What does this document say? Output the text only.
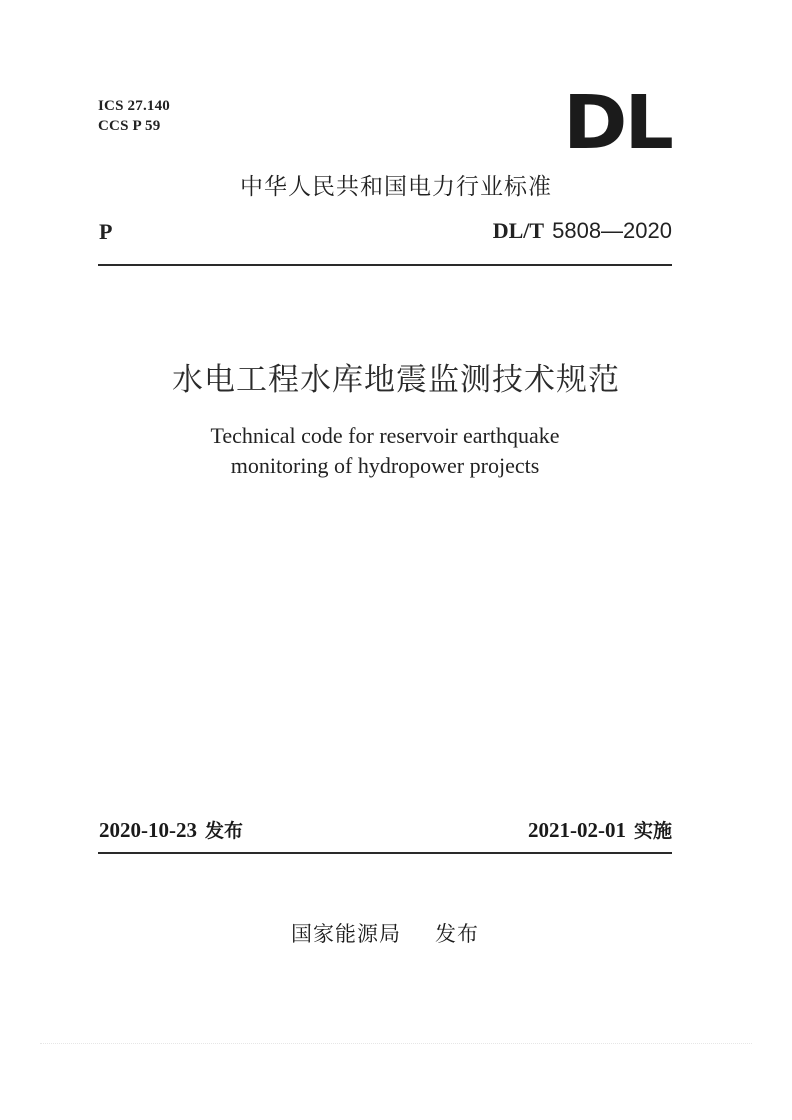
ICS 27.140
CCS P 59	DL
中华人民共和国电力行业标准
P	DL/T 5808—2020
水电工程水库地震监测技术规范
Technical code for reservoir earthquake
monitoring of hydropower projects
2020-10-23 发布	2021-02-01 实施
国家能源局 发布
